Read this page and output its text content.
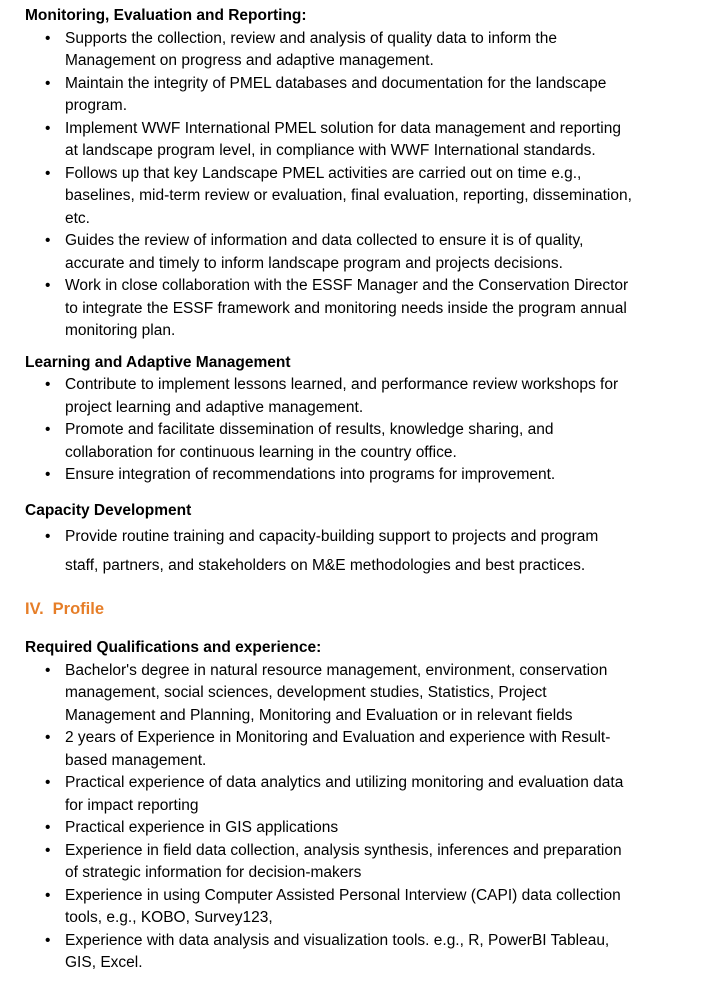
Monitoring, Evaluation and Reporting:
• Supports the collection, review and analysis of quality data to inform the Management on progress and adaptive management.
• Maintain the integrity of PMEL databases and documentation for the landscape program.
• Implement WWF International PMEL solution for data management and reporting at landscape program level, in compliance with WWF International standards.
• Follows up that key Landscape PMEL activities are carried out on time e.g., baselines, mid-term review or evaluation, final evaluation, reporting, dissemination, etc.
• Guides the review of information and data collected to ensure it is of quality, accurate and timely to inform landscape program and projects decisions.
• Work in close collaboration with the ESSF Manager and the Conservation Director to integrate the ESSF framework and monitoring needs inside the program annual monitoring plan.
Learning and Adaptive Management
• Contribute to implement lessons learned, and performance review workshops for project learning and adaptive management.
• Promote and facilitate dissemination of results, knowledge sharing, and collaboration for continuous learning in the country office.
• Ensure integration of recommendations into programs for improvement.
Capacity Development
• Provide routine training and capacity-building support to projects and program staff, partners, and stakeholders on M&E methodologies and best practices.
IV. Profile
Required Qualifications and experience:
• Bachelor's degree in natural resource management, environment, conservation management, social sciences, development studies, Statistics, Project Management and Planning, Monitoring and Evaluation or in relevant fields
• 2 years of Experience in Monitoring and Evaluation and experience with Result-based management.
• Practical experience of data analytics and utilizing monitoring and evaluation data for impact reporting
• Practical experience in GIS applications
• Experience in field data collection, analysis synthesis, inferences and preparation of strategic information for decision-makers
• Experience in using Computer Assisted Personal Interview (CAPI) data collection tools, e.g., KOBO, Survey123,
• Experience with data analysis and visualization tools. e.g., R, PowerBI Tableau, GIS, Excel.
